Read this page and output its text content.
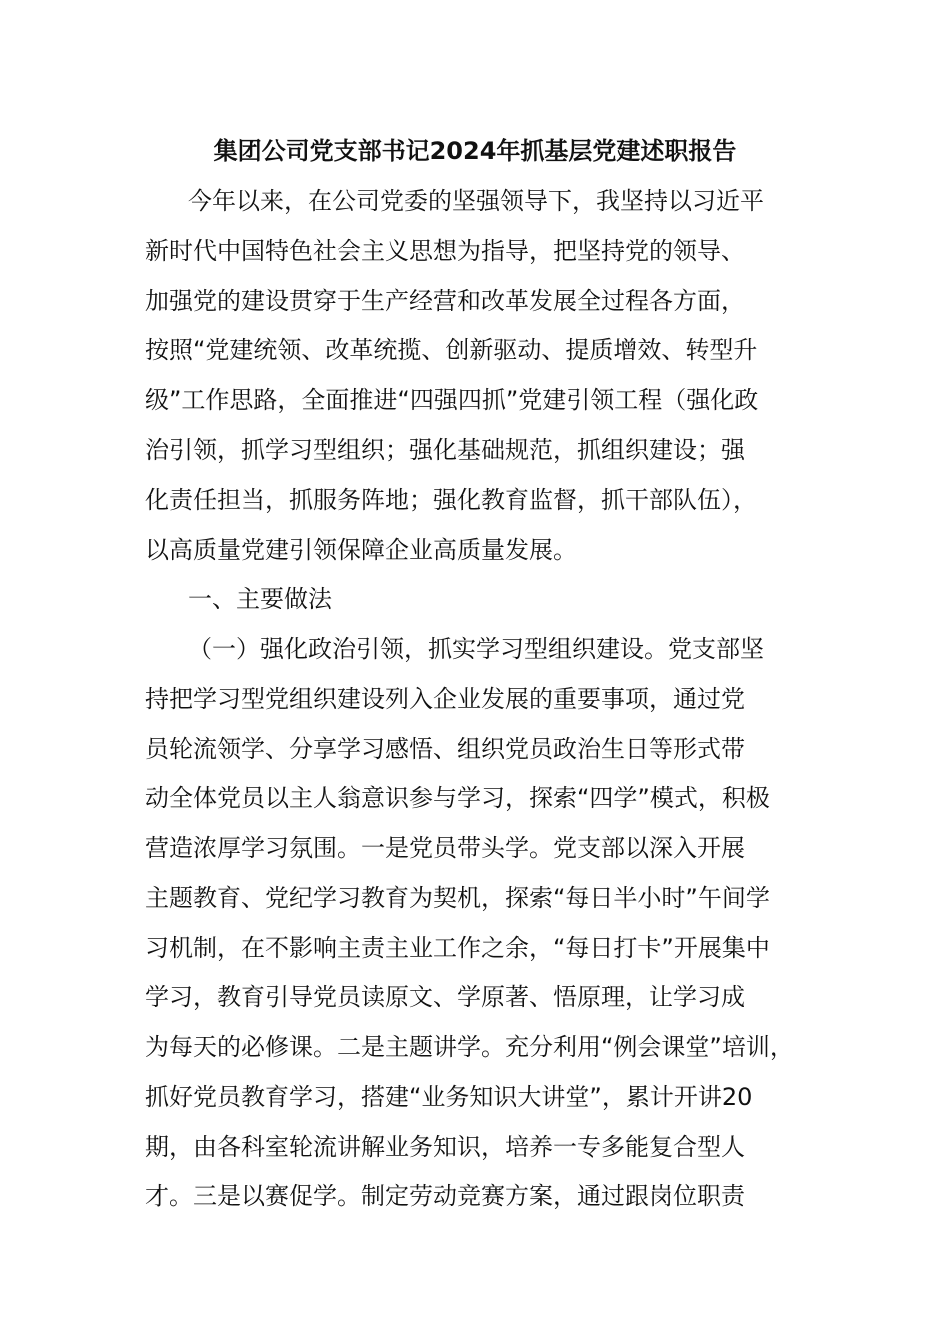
集团公司党支部书记2024年抓基层党建述职报告
今年以来，在公司党委的坚强领导下，我坚持以习近平
新时代中国特色社会主义思想为指导，把坚持党的领导、
加强党的建设贯穿于生产经营和改革发展全过程各方面，
按照“党建统领、改革统揽、创新驱动、提质增效、转型升
级”工作思路，全面推进“四强四抓”党建引领工程（强化政
治引领，抓学习型组织；强化基础规范，抓组织建设；强
化责任担当，抓服务阵地；强化教育监督，抓干部队伍），
以高质量党建引领保障企业高质量发展。
一、主要做法
（一）强化政治引领，抓实学习型组织建设。党支部坚
持把学习型党组织建设列入企业发展的重要事项，通过党
员轮流领学、分享学习感悟、组织党员政治生日等形式带
动全体党员以主人翁意识参与学习，探索“四学”模式，积极
营造浓厚学习氛围。一是党员带头学。党支部以深入开展
主题教育、党纪学习教育为契机，探索“每日半小时”午间学
习机制，在不影响主责主业工作之余，“每日打卡”开展集中
学习，教育引导党员读原文、学原著、悟原理，让学习成
为每天的必修课。二是主题讲学。充分利用“例会课堂”培训，
抓好党员教育学习，搭建“业务知识大讲堂”，累计开讲20
期，由各科室轮流讲解业务知识，培养一专多能复合型人
才。三是以赛促学。制定劳动竞赛方案，通过跟岗位职责
